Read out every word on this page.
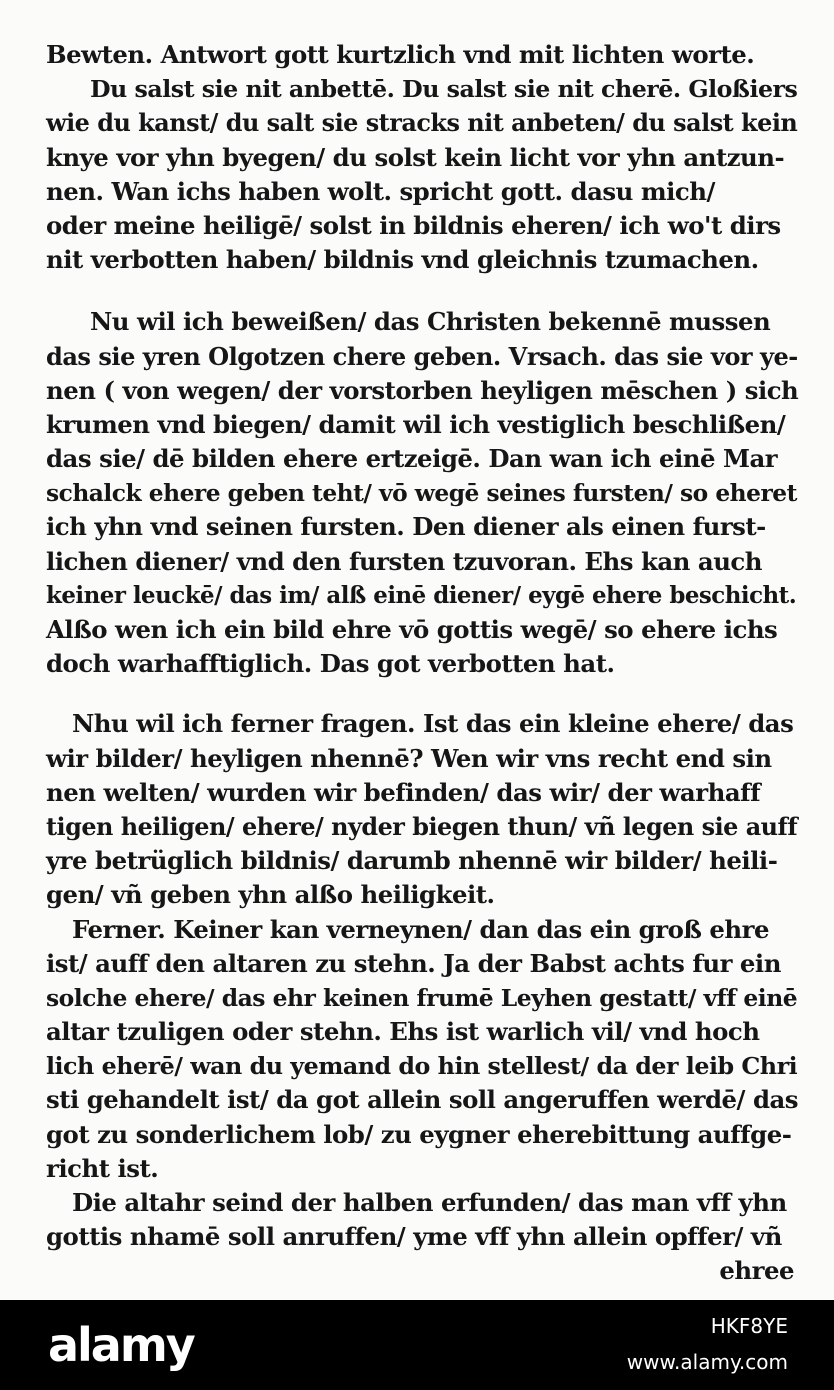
Bewten. Antwort gott kurtzlich vnd mit lichten worte.
Du salst sie nit anbettē. Du salst sie nit cherē. Gloßiers
wie du kanst/ du salt sie stracks nit anbeten/ du salst kein
knye vor yhn byegen/ du solst kein licht vor yhn antzun-
nen. Wan ichs haben wolt. spricht gott. dasu mich/
oder meine heiligē/ solst in bildnis eheren/ ich wo't dirs
nit verbotten haben/ bildnis vnd gleichnis tzumachen.
Nu wil ich beweißen/ das Christen bekennē mussen
das sie yren Olgotzen chere geben. Vrsach. das sie vor ye-
nen ( von wegen/ der vorstorben heyligen mēschen ) sich
krumen vnd biegen/ damit wil ich vestiglich beschlißen/
das sie/ dē bilden ehere ertzeigē. Dan wan ich einē Mar
schalck ehere geben teht/ vō wegē seines fursten/ so eheret
ich yhn vnd seinen fursten. Den diener als einen furst-
lichen diener/ vnd den fursten tzuvoran. Ehs kan auch
keiner leuckē/ das im/ alß einē diener/ eygē ehere beschicht.
Alßo wen ich ein bild ehre vō gottis wegē/ so ehere ichs
doch warhafftiglich. Das got verbotten hat.
Nhu wil ich ferner fragen. Ist das ein kleine ehere/ das
wir bilder/ heyligen nhennē? Wen wir vns recht end sin
nen welten/ wurden wir befinden/ das wir/ der warhaff
tigen heiligen/ ehere/ nyder biegen thun/ vñ legen sie auff
yre betrüglich bildnis/ darumb nhennē wir bilder/ heili-
gen/ vñ geben yhn alßo heiligkeit.
Ferner. Keiner kan verneynen/ dan das ein groß ehre
ist/ auff den altaren zu stehn. Ja der Babst achts fur ein
solche ehere/ das ehr keinen frumē Leyhen gestatt/ vff einē
altar tzuligen oder stehn. Ehs ist warlich vil/ vnd hoch
lich eherē/ wan du yemand do hin stellest/ da der leib Chri
sti gehandelt ist/ da got allein soll angeruffen werdē/ das
got zu sonderlichem lob/ zu eygner eherebittung auffge-
richt ist.
Die altahr seind der halben erfunden/ das man vff yhn
gottis nhamē soll anruffen/ yme vff yhn allein opffer/ vñ
ehree
alamy	HKF8YE
www.alamy.com
